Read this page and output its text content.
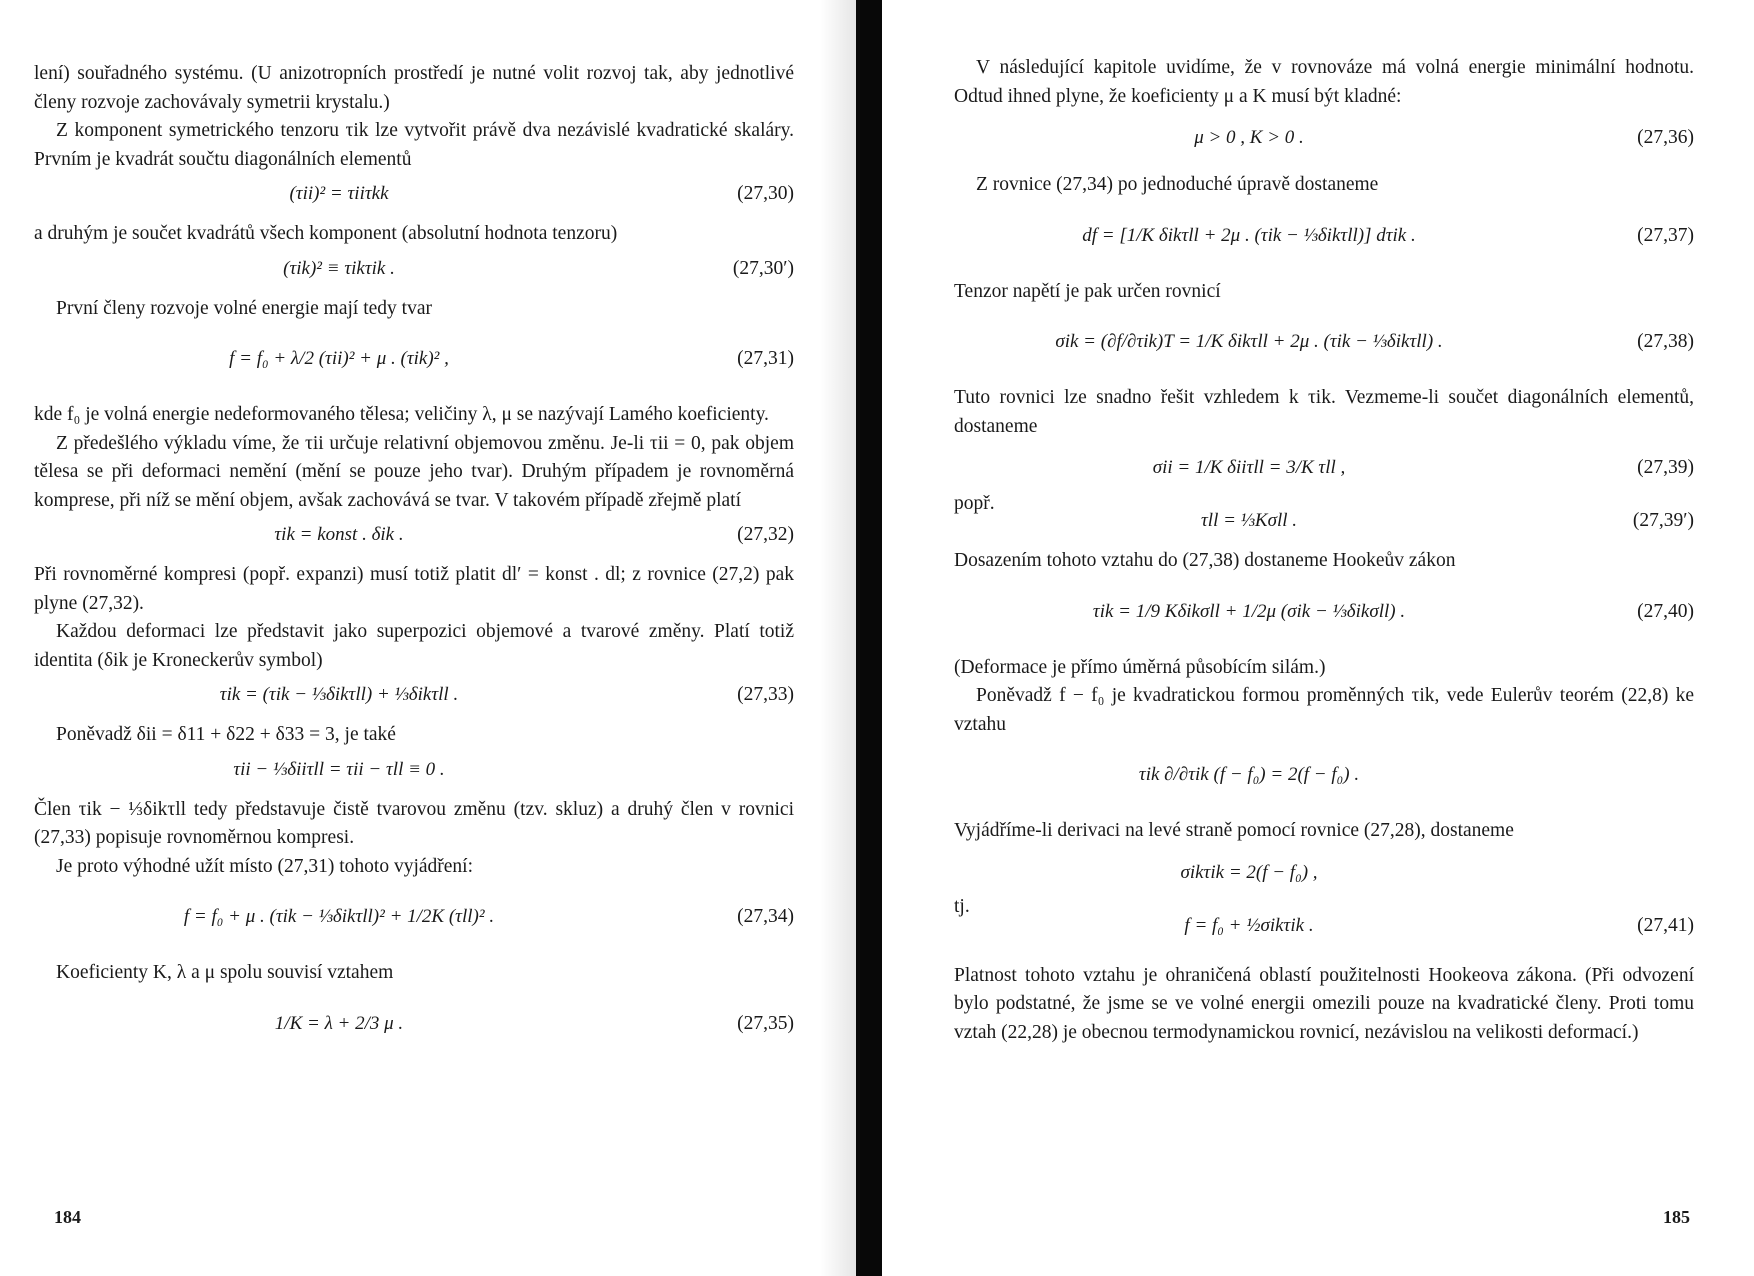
lení) souřadného systému. (U anizotropních prostředí je nutné volit rozvoj tak, aby jednotlivé členy rozvoje zachovávaly symetrii krystalu.)

Z komponent symetrického tenzoru τik lze vytvořit právě dva nezávislé kvadratické skaláry. Prvním je kvadrát součtu diagonálních elementů

(τii)² = τiiτkk	(27,30)

a druhým je součet kvadrátů všech komponent (absolutní hodnota tenzoru)

(τik)² ≡ τikτik .	(27,30′)

První členy rozvoje volné energie mají tedy tvar

f = f₀ + λ/2 (τii)² + μ . (τik)² ,	(27,31)

kde f₀ je volná energie nedeformovaného tělesa; veličiny λ, μ se nazývají Lamého koeficienty.

Z předešlého výkladu víme, že τii určuje relativní objemovou změnu. Je-li τii = 0, pak objem tělesa se při deformaci nemění (mění se pouze jeho tvar). Druhým případem je rovnoměrná komprese, při níž se mění objem, avšak zachovává se tvar. V takovém případě zřejmě platí

τik = konst . δik .	(27,32)

Při rovnoměrné kompresi (popř. expanzi) musí totiž platit dl′ = konst . dl; z rovnice (27,2) pak plyne (27,32).

Každou deformaci lze představit jako superpozici objemové a tvarové změny. Platí totiž identita (δik je Kroneckerův symbol)

τik = (τik − ⅓δikτll) + ⅓δikτll .	(27,33)

Poněvadž δii = δ11 + δ22 + δ33 = 3, je také

τii − ⅓δiiτll = τii − τll ≡ 0 .

Člen τik − ⅓δikτll tedy představuje čistě tvarovou změnu (tzv. skluz) a druhý člen v rovnici (27,33) popisuje rovnoměrnou kompresi.

Je proto výhodné užít místo (27,31) tohoto vyjádření:

f = f₀ + μ . (τik − ⅓δikτll)² + 1/2K (τll)² .	(27,34)

Koeficienty K, λ a μ spolu souvisí vztahem

1/K = λ + 2/3 μ .	(27,35)
184

V následující kapitole uvidíme, že v rovnováze má volná energie minimální hodnotu. Odtud ihned plyne, že koeficienty μ a K musí být kladné:

μ > 0 , K > 0 .	(27,36)

Z rovnice (27,34) po jednoduché úpravě dostaneme

df = [1/K δikτll + 2μ . (τik − ⅓δikτll)] dτik .	(27,37)

Tenzor napětí je pak určen rovnicí

σik = (∂f/∂τik)T = 1/K δikτll + 2μ . (τik − ⅓δikτll) .	(27,38)

Tuto rovnici lze snadno řešit vzhledem k τik. Vezmeme-li součet diagonálních elementů, dostaneme

σii = 1/K δiiτll = 3/K τll ,	(27,39)
popř.
τll = ⅓Kσll .	(27,39′)

Dosazením tohoto vztahu do (27,38) dostaneme Hookeův zákon

τik = 1/9 Kδikσll + 1/2μ (σik − ⅓δikσll) .	(27,40)

(Deformace je přímo úměrná působícím silám.)

Poněvadž f − f₀ je kvadratickou formou proměnných τik, vede Eulerův teorém (22,8) ke vztahu

τik ∂/∂τik (f − f₀) = 2(f − f₀) .

Vyjádříme-li derivaci na levé straně pomocí rovnice (27,28), dostaneme

σikτik = 2(f − f₀) ,
tj.
f = f₀ + ½σikτik .	(27,41)

Platnost tohoto vztahu je ohraničená oblastí použitelnosti Hookeova zákona. (Při odvození bylo podstatné, že jsme se ve volné energii omezili pouze na kvadratické členy. Proti tomu vztah (22,28) je obecnou termodynamickou rovnicí, nezávislou na velikosti deformací.)

185
